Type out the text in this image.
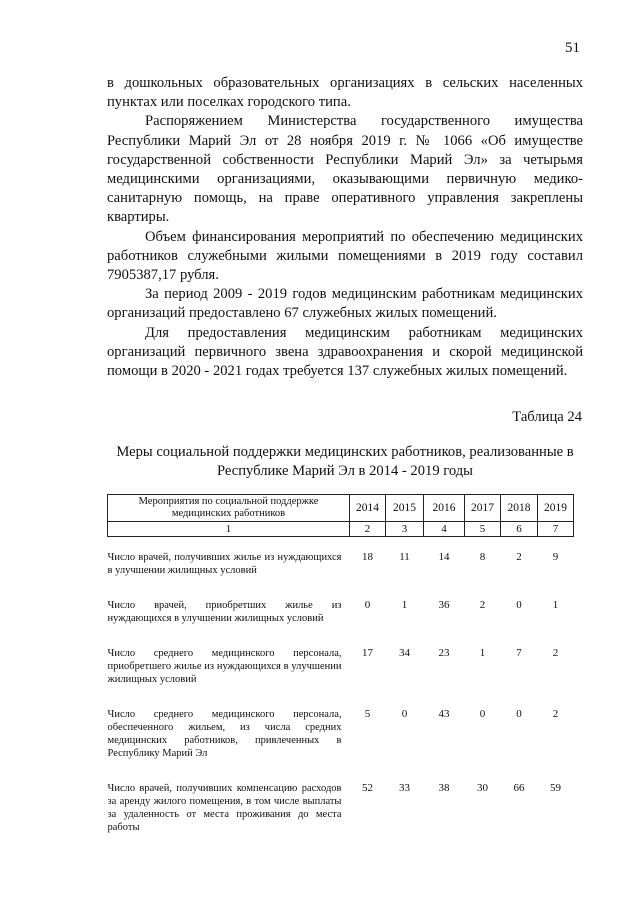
51

в дошкольных образовательных организациях в сельских населенных пунктах или поселках городского типа.

Распоряжением Министерства государственного имущества Республики Марий Эл от 28 ноября 2019 г. № 1066 «Об имуществе государственной собственности Республики Марий Эл» за четырьмя медицинскими организациями, оказывающими первичную медико-санитарную помощь, на праве оперативного управления закреплены квартиры.

Объем финансирования мероприятий по обеспечению медицинских работников служебными жилыми помещениями в 2019 году составил 7905387,17 рубля.

За период 2009 - 2019 годов медицинским работникам медицинских организаций предоставлено 67 служебных жилых помещений.

Для предоставления медицинским работникам медицинских организаций первичного звена здравоохранения и скорой медицинской помощи в 2020 - 2021 годах требуется 137 служебных жилых помещений.

Таблица 24
Меры социальной поддержки медицинских работников, реализованные в Республике Марий Эл в 2014 - 2019 годы
Мероприятия по социальной поддержке медицинских работников	2014	2015	2016	2017	2018	2019
1	2	3	4	5	6	7

Число врачей, получивших жилье из нуждающихся в улучшении жилищных условий	18	11	14	8	2	9
Число врачей, приобретших жилье из нуждающихся в улучшении жилищных условий	0	1	36	2	0	1
Число среднего медицинского персонала, приобретшего жилье из нуждающихся в улучшении жилищных условий	17	34	23	1	7	2
Число среднего медицинского персонала, обеспеченного жильем, из числа средних медицинских работников, привлеченных в Республику Марий Эл	5	0	43	0	0	2
Число врачей, получивших компенсацию расходов за аренду жилого помещения, в том числе выплаты за удаленность от места проживания до места работы	52	33	38	30	66	59
